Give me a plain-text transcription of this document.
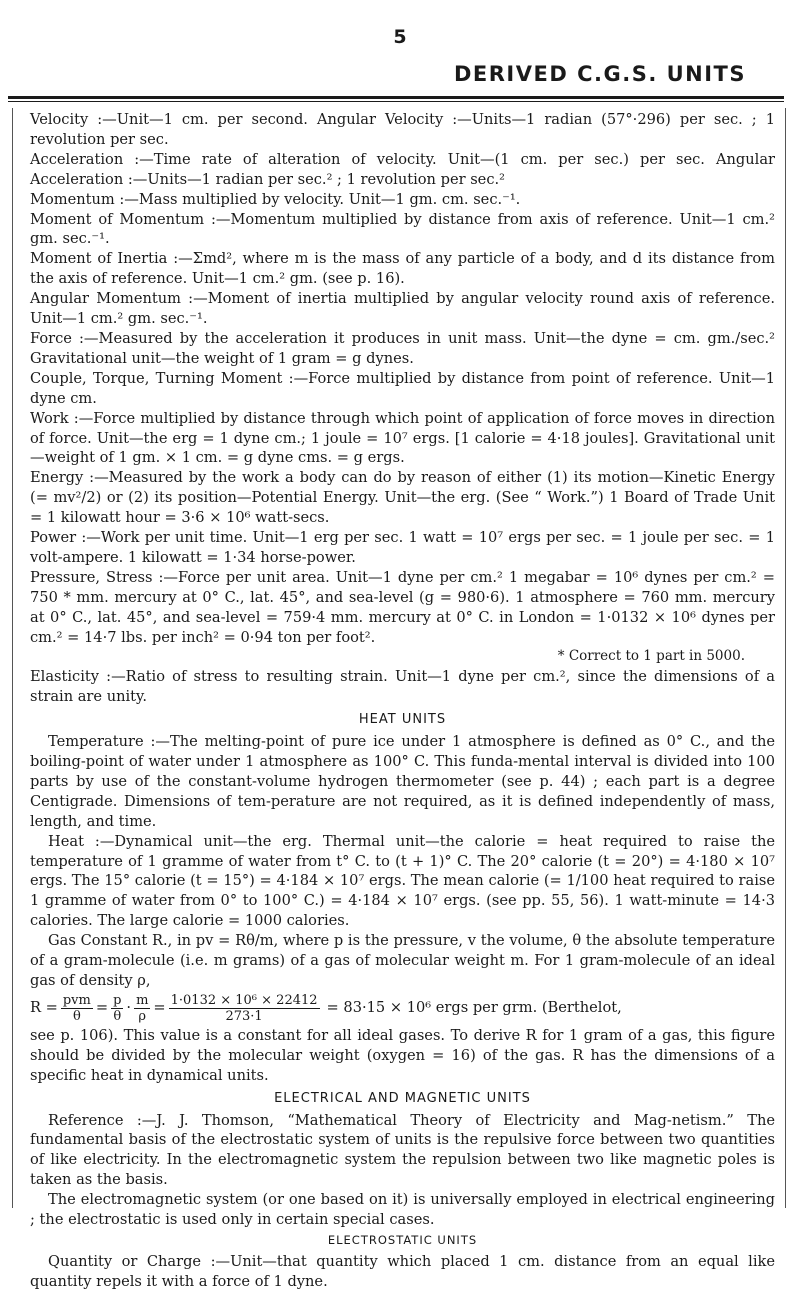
5
DERIVED C.G.S. UNITS

Velocity :—Unit—1 cm. per second. Angular Velocity :—Units—1 radian (57°·296) per sec. ; 1 revolution per sec.

Acceleration :—Time rate of alteration of velocity. Unit—(1 cm. per sec.) per sec. Angular Acceleration :—Units—1 radian per sec.² ; 1 revolution per sec.²

Momentum :—Mass multiplied by velocity. Unit—1 gm. cm. sec.⁻¹.

Moment of Momentum :—Momentum multiplied by distance from axis of reference. Unit—1 cm.² gm. sec.⁻¹.

Moment of Inertia :—Σmd², where m is the mass of any particle of a body, and d its distance from the axis of reference. Unit—1 cm.² gm. (see p. 16).

Angular Momentum :—Moment of inertia multiplied by angular velocity round axis of reference. Unit—1 cm.² gm. sec.⁻¹.

Force :—Measured by the acceleration it produces in unit mass. Unit—the dyne = cm. gm./sec.² Gravitational unit—the weight of 1 gram = g dynes.

Couple, Torque, Turning Moment :—Force multiplied by distance from point of reference. Unit—1 dyne cm.

Work :—Force multiplied by distance through which point of application of force moves in direction of force. Unit—the erg = 1 dyne cm.; 1 joule = 10⁷ ergs. [1 calorie = 4·18 joules]. Gravitational unit—weight of 1 gm. × 1 cm. = g dyne cms. = g ergs.

Energy :—Measured by the work a body can do by reason of either (1) its motion—Kinetic Energy (= mv²/2) or (2) its position—Potential Energy. Unit—the erg. (See “ Work.”) 1 Board of Trade Unit = 1 kilowatt hour = 3·6 × 10⁶ watt-secs.

Power :—Work per unit time. Unit—1 erg per sec. 1 watt = 10⁷ ergs per sec. = 1 joule per sec. = 1 volt-ampere. 1 kilowatt = 1·34 horse-power.

Pressure, Stress :—Force per unit area. Unit—1 dyne per cm.² 1 megabar = 10⁶ dynes per cm.² = 750 * mm. mercury at 0° C., lat. 45°, and sea-level (g = 980·6). 1 atmosphere = 760 mm. mercury at 0° C., lat. 45°, and sea-level = 759·4 mm. mercury at 0° C. in London = 1·0132 × 10⁶ dynes per cm.² = 14·7 lbs. per inch² = 0·94 ton per foot².

* Correct to 1 part in 5000.

Elasticity :—Ratio of stress to resulting strain. Unit—1 dyne per cm.², since the dimensions of a strain are unity.

HEAT UNITS

Temperature :—The melting-point of pure ice under 1 atmosphere is defined as 0° C., and the boiling-point of water under 1 atmosphere as 100° C. This funda-mental interval is divided into 100 parts by use of the constant-volume hydrogen thermometer (see p. 44) ; each part is a degree Centigrade. Dimensions of tem-perature are not required, as it is defined independently of mass, length, and time.

Heat :—Dynamical unit—the erg. Thermal unit—the calorie = heat required to raise the temperature of 1 gramme of water from t° C. to (t + 1)° C. The 20° calorie (t = 20°) = 4·180 × 10⁷ ergs. The 15° calorie (t = 15°) = 4·184 × 10⁷ ergs. The mean calorie (= 1/100 heat required to raise 1 gramme of water from 0° to 100° C.) = 4·184 × 10⁷ ergs. (see pp. 55, 56). 1 watt-minute = 14·3 calories. The large calorie = 1000 calories.

Gas Constant R., in pv = Rθ/m, where p is the pressure, v the volume, θ the absolute temperature of a gram-molecule (i.e. m grams) of a gas of molecular weight m. For 1 gram-molecule of an ideal gas of density ρ,

$R = \frac{\text{pvm}}{\theta} = \frac{p}{\theta} \cdot \frac{m}{\rho} = \frac{\text{1·0132 × 10⁶ × 22412}}{273\cdot 1} = 83\cdot 15 \times 10^6$ ergs per grm. (Berthelot,

see p. 106). This value is a constant for all ideal gases. To derive R for 1 gram of a gas, this figure should be divided by the molecular weight (oxygen = 16) of the gas. R has the dimensions of a specific heat in dynamical units.

ELECTRICAL AND MAGNETIC UNITS

Reference :—J. J. Thomson, “Mathematical Theory of Electricity and Mag-netism.” The fundamental basis of the electrostatic system of units is the repulsive force between two quantities of like electricity. In the electromagnetic system the repulsion between two like magnetic poles is taken as the basis.

The electromagnetic system (or one based on it) is universally employed in electrical engineering ; the electrostatic is used only in certain special cases.

ELECTROSTATIC UNITS

Quantity or Charge :—Unit—that quantity which placed 1 cm. distance from an equal like quantity repels it with a force of 1 dyne.
